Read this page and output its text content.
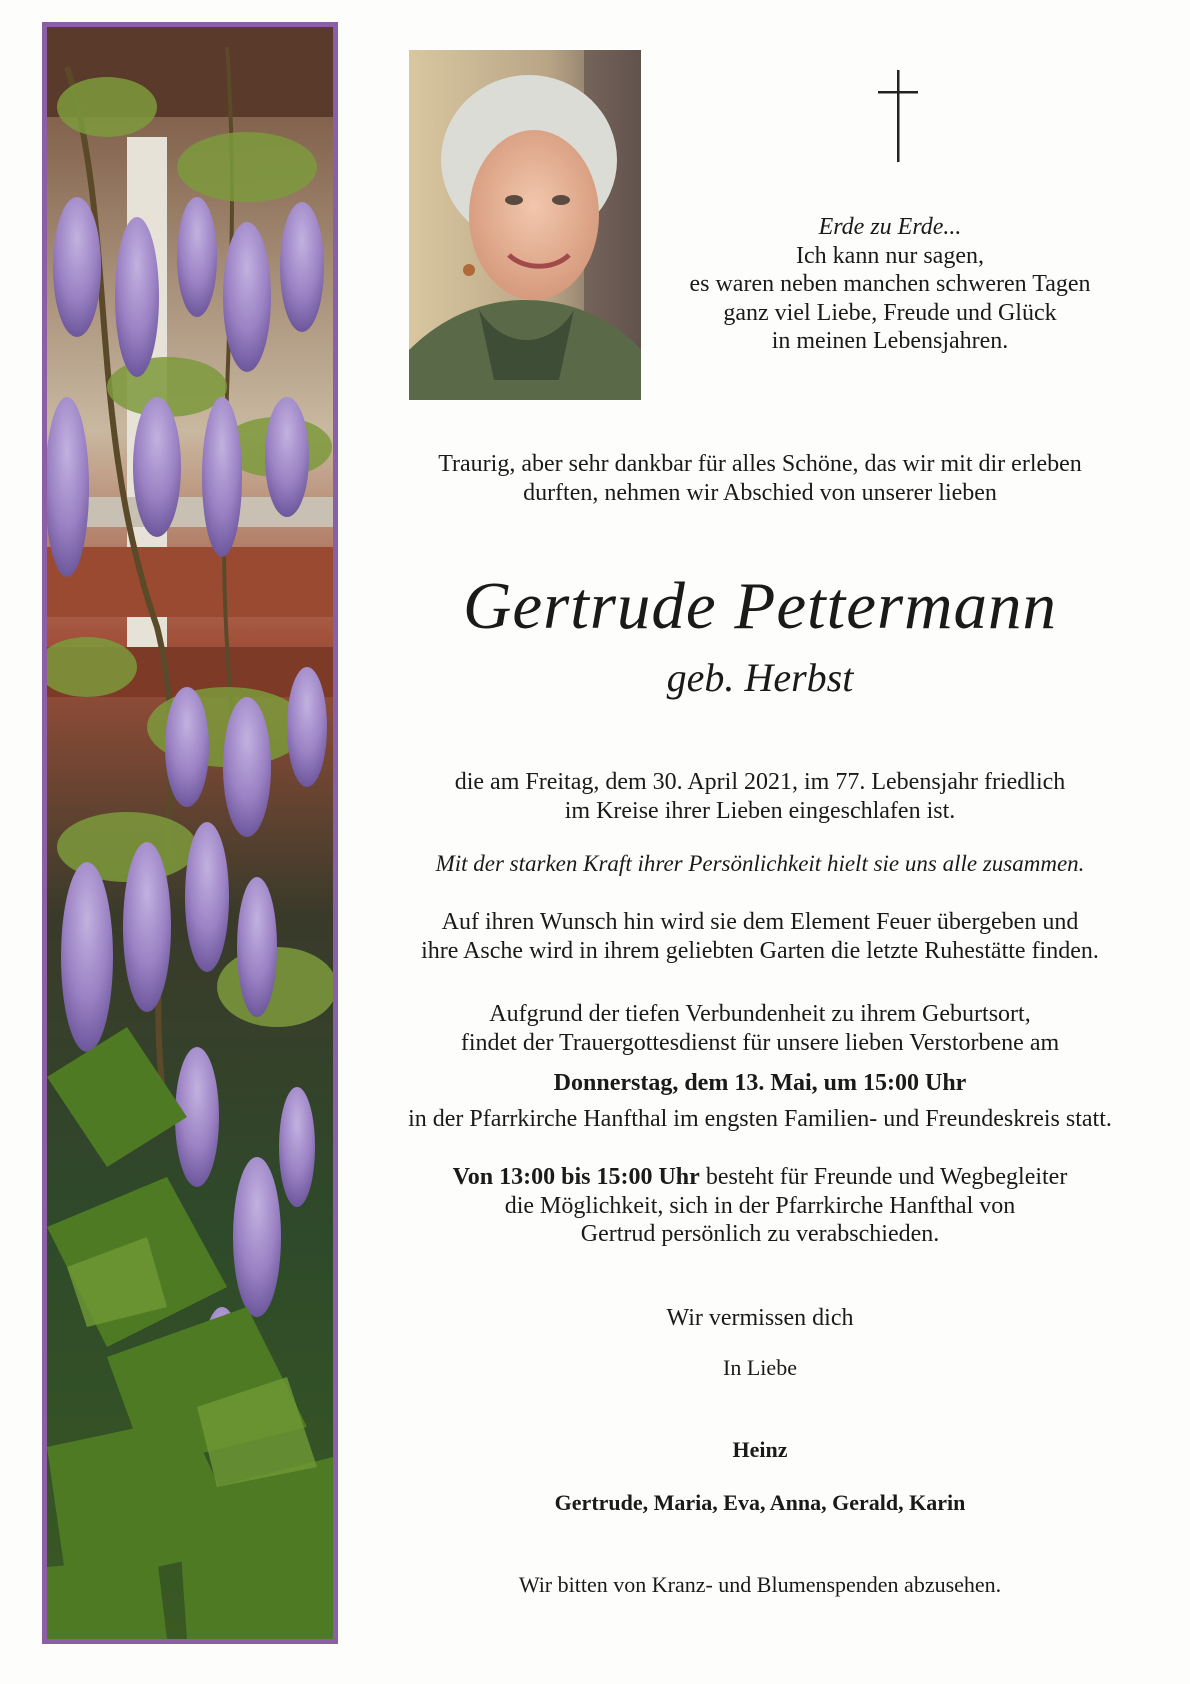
Erde zu Erde...
Ich kann nur sagen,
es waren neben manchen schweren Tagen
ganz viel Liebe, Freude und Glück
in meinen Lebensjahren.
Traurig, aber sehr dankbar für alles Schöne, das wir mit dir erleben
durften, nehmen wir Abschied von unserer lieben
Gertrude Pettermann
geb. Herbst
die am Freitag, dem 30. April 2021, im 77. Lebensjahr friedlich
im Kreise ihrer Lieben eingeschlafen ist.
Mit der starken Kraft ihrer Persönlichkeit hielt sie uns alle zusammen.
Auf ihren Wunsch hin wird sie dem Element Feuer übergeben und
ihre Asche wird in ihrem geliebten Garten die letzte Ruhestätte finden.
Aufgrund der tiefen Verbundenheit zu ihrem Geburtsort,
findet der Trauergottesdienst für unsere lieben Verstorbene am
Donnerstag, dem 13. Mai, um 15:00 Uhr
in der Pfarrkirche Hanfthal im engsten Familien- und Freundeskreis statt.
Von 13:00 bis 15:00 Uhr besteht für Freunde und Wegbegleiter
die Möglichkeit, sich in der Pfarrkirche Hanfthal von
Gertrud persönlich zu verabschieden.
Wir vermissen dich
In Liebe
Heinz
Gertrude, Maria, Eva, Anna, Gerald, Karin
Wir bitten von Kranz- und Blumenspenden abzusehen.
